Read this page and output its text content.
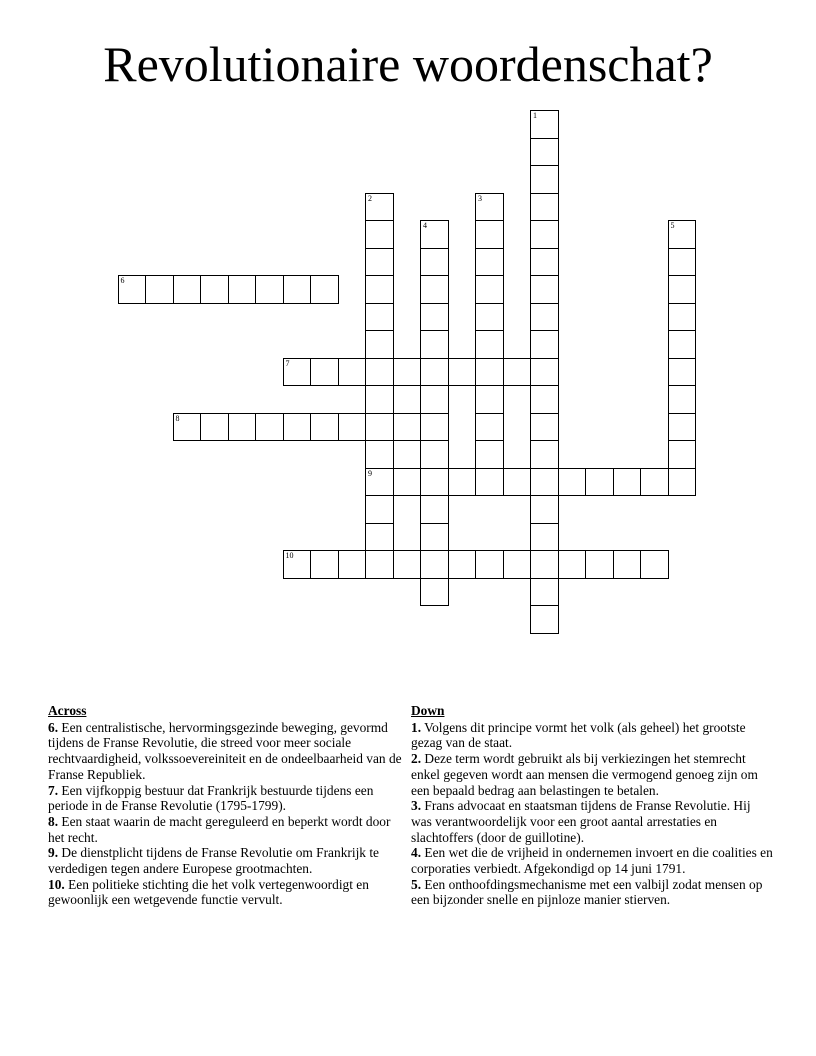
Revolutionaire woordenschat?
1
2
9
3
4	5
6
7
8
10
Across
6. Een centralistische, hervormingsgezinde beweging, gevormd tijdens de Franse Revolutie, die streed voor meer sociale rechtvaardigheid, volkssoevereiniteit en de ondeelbaarheid van de Franse Republiek.
7. Een vijfkoppig bestuur dat Frankrijk bestuurde tijdens een periode in de Franse Revolutie (1795-1799).
8. Een staat waarin de macht gereguleerd en beperkt wordt door het recht.
9. De dienstplicht tijdens de Franse Revolutie om Frankrijk te verdedigen tegen andere Europese grootmachten.
10. Een politieke stichting die het volk vertegenwoordigt en gewoonlijk een wetgevende functie vervult.
Down
1. Volgens dit principe vormt het volk (als geheel) het grootste gezag van de staat.
2. Deze term wordt gebruikt als bij verkiezingen het stemrecht enkel gegeven wordt aan mensen die vermogend genoeg zijn om een bepaald bedrag aan belastingen te betalen.
3. Frans advocaat en staatsman tijdens de Franse Revolutie. Hij was verantwoordelijk voor een groot aantal arrestaties en slachtoffers (door de guillotine).
4. Een wet die de vrijheid in ondernemen invoert en die coalities en corporaties verbiedt. Afgekondigd op 14 juni 1791.
5. Een onthoofdingsmechanisme met een valbijl zodat mensen op een bijzonder snelle en pijnloze manier stierven.
